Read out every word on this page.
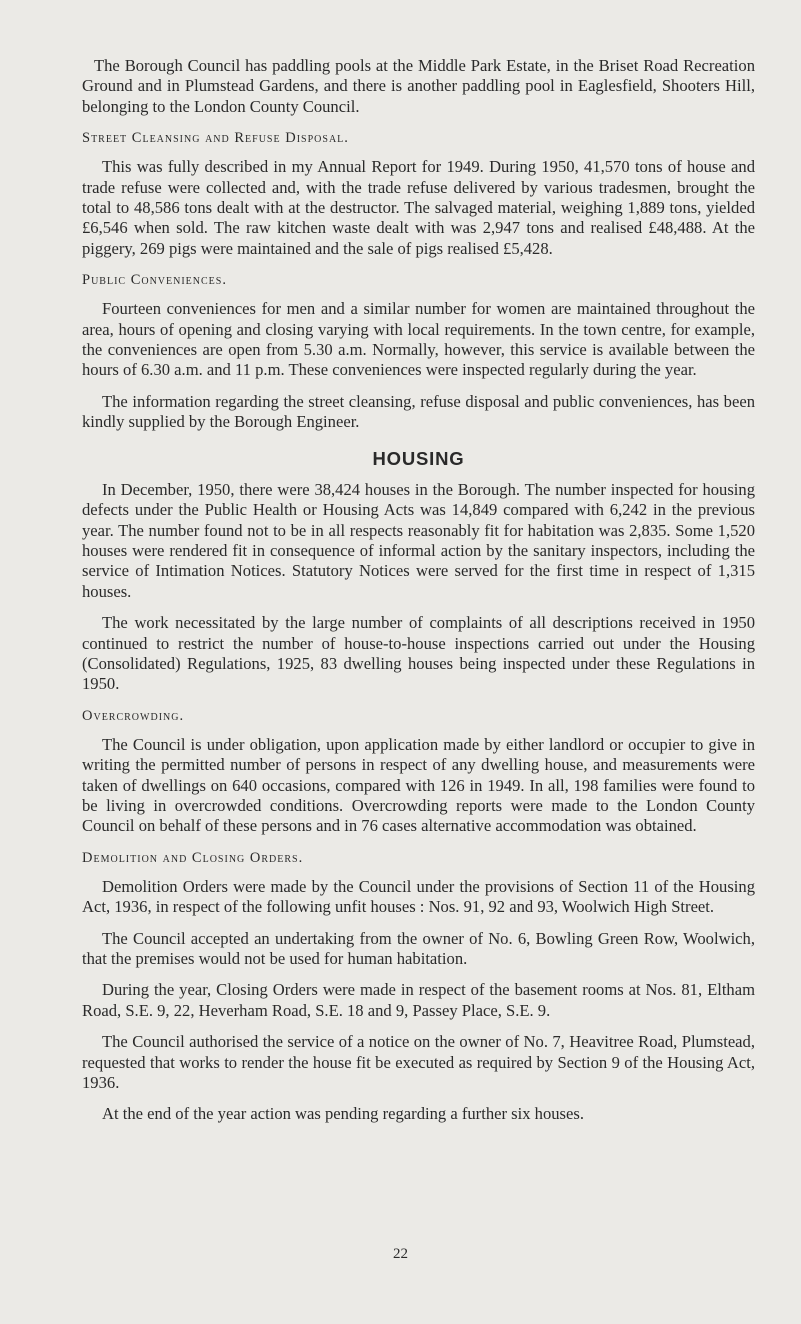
The Borough Council has paddling pools at the Middle Park Estate, in the Briset Road Recreation Ground and in Plumstead Gardens, and there is another paddling pool in Eaglesfield, Shooters Hill, belonging to the London County Council.

Street Cleansing and Refuse Disposal.

This was fully described in my Annual Report for 1949. During 1950, 41,570 tons of house and trade refuse were collected and, with the trade refuse delivered by various tradesmen, brought the total to 48,586 tons dealt with at the destructor. The salvaged material, weighing 1,889 tons, yielded £6,546 when sold. The raw kitchen waste dealt with was 2,947 tons and realised £48,488. At the piggery, 269 pigs were maintained and the sale of pigs realised £5,428.

Public Conveniences.

Fourteen conveniences for men and a similar number for women are maintained throughout the area, hours of opening and closing varying with local requirements. In the town centre, for example, the conveniences are open from 5.30 a.m. Normally, however, this service is available between the hours of 6.30 a.m. and 11 p.m. These conveniences were inspected regularly during the year.

The information regarding the street cleansing, refuse disposal and public conveniences, has been kindly supplied by the Borough Engineer.

HOUSING

In December, 1950, there were 38,424 houses in the Borough. The number inspected for housing defects under the Public Health or Housing Acts was 14,849 compared with 6,242 in the previous year. The number found not to be in all respects reasonably fit for habitation was 2,835. Some 1,520 houses were rendered fit in consequence of informal action by the sanitary inspectors, including the service of Intimation Notices. Statutory Notices were served for the first time in respect of 1,315 houses.

The work necessitated by the large number of complaints of all descriptions received in 1950 continued to restrict the number of house-to-house inspections carried out under the Housing (Consolidated) Regulations, 1925, 83 dwelling houses being inspected under these Regulations in 1950.

Overcrowding.

The Council is under obligation, upon application made by either landlord or occupier to give in writing the permitted number of persons in respect of any dwelling house, and measurements were taken of dwellings on 640 occasions, compared with 126 in 1949. In all, 198 families were found to be living in overcrowded conditions. Overcrowding reports were made to the London County Council on behalf of these persons and in 76 cases alternative accommodation was obtained.

Demolition and Closing Orders.

Demolition Orders were made by the Council under the provisions of Section 11 of the Housing Act, 1936, in respect of the following unfit houses : Nos. 91, 92 and 93, Woolwich High Street.

The Council accepted an undertaking from the owner of No. 6, Bowling Green Row, Woolwich, that the premises would not be used for human habitation.

During the year, Closing Orders were made in respect of the basement rooms at Nos. 81, Eltham Road, S.E. 9, 22, Heverham Road, S.E. 18 and 9, Passey Place, S.E. 9.

The Council authorised the service of a notice on the owner of No. 7, Heavitree Road, Plumstead, requested that works to render the house fit be executed as required by Section 9 of the Housing Act, 1936.

At the end of the year action was pending regarding a further six houses.

22
